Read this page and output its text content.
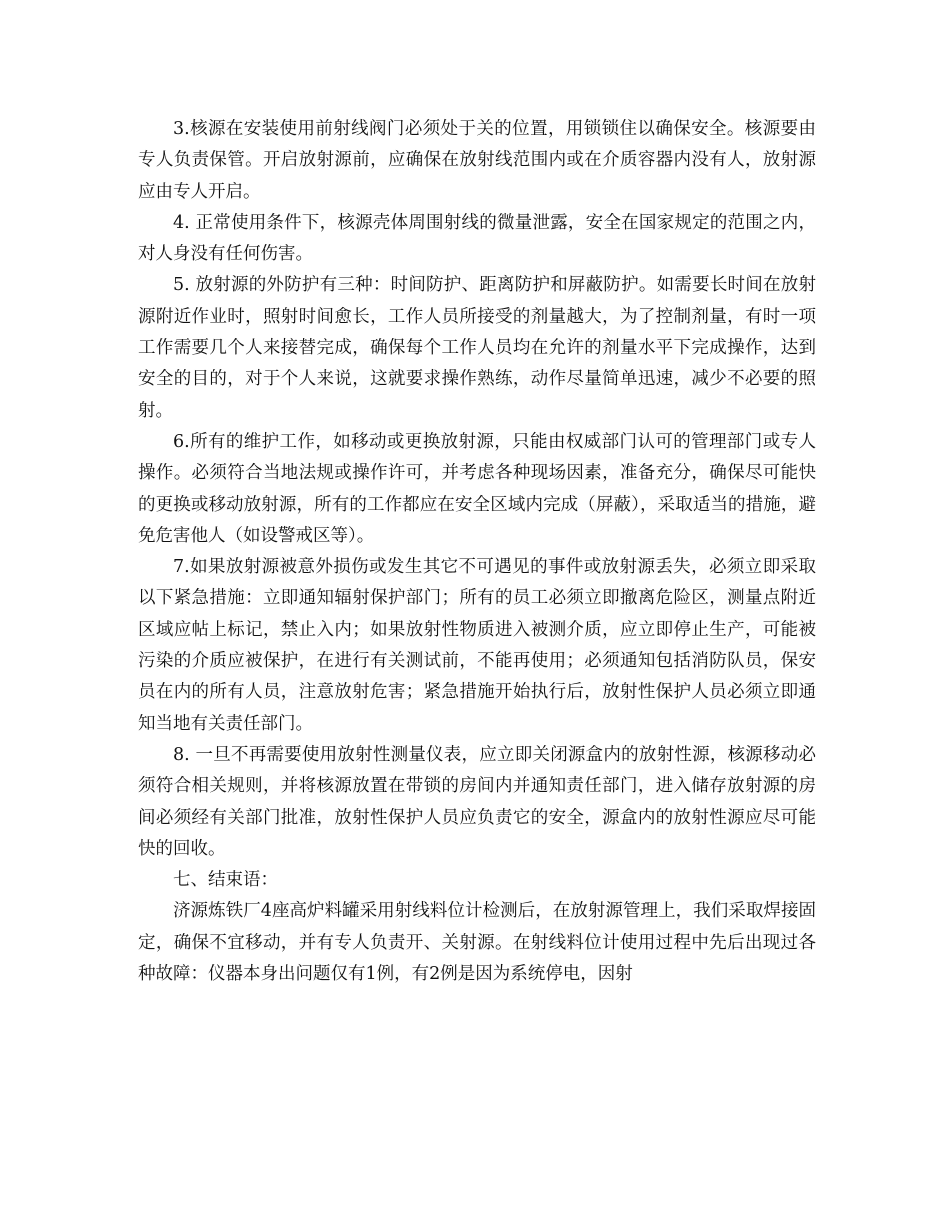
3.核源在安装使用前射线阀门必须处于关的位置，用锁锁住以确保安全。核源要由专人负责保管。开启放射源前，应确保在放射线范围内或在介质容器内没有人，放射源应由专人开启。

4. 正常使用条件下，核源壳体周围射线的微量泄露，安全在国家规定的范围之内，对人身没有任何伤害。

5. 放射源的外防护有三种：时间防护、距离防护和屏蔽防护。如需要长时间在放射源附近作业时，照射时间愈长，工作人员所接受的剂量越大，为了控制剂量，有时一项工作需要几个人来接替完成，确保每个工作人员均在允许的剂量水平下完成操作，达到安全的目的，对于个人来说，这就要求操作熟练，动作尽量简单迅速，减少不必要的照射。

6.所有的维护工作，如移动或更换放射源，只能由权威部门认可的管理部门或专人操作。必须符合当地法规或操作许可，并考虑各种现场因素，准备充分，确保尽可能快的更换或移动放射源，所有的工作都应在安全区域内完成（屏蔽），采取适当的措施，避免危害他人（如设警戒区等）。

7.如果放射源被意外损伤或发生其它不可遇见的事件或放射源丢失，必须立即采取以下紧急措施：立即通知辐射保护部门；所有的员工必须立即撤离危险区，测量点附近区域应帖上标记，禁止入内；如果放射性物质进入被测介质，应立即停止生产，可能被污染的介质应被保护，在进行有关测试前，不能再使用；必须通知包括消防队员，保安员在内的所有人员，注意放射危害；紧急措施开始执行后，放射性保护人员必须立即通知当地有关责任部门。

8. 一旦不再需要使用放射性测量仪表，应立即关闭源盒内的放射性源，核源移动必须符合相关规则，并将核源放置在带锁的房间内并通知责任部门，进入储存放射源的房间必须经有关部门批准，放射性保护人员应负责它的安全，源盒内的放射性源应尽可能快的回收。

七、结束语：

济源炼铁厂4座高炉料罐采用射线料位计检测后，在放射源管理上，我们采取焊接固定，确保不宜移动，并有专人负责开、关射源。在射线料位计使用过程中先后出现过各种故障：仪器本身出问题仅有1例，有2例是因为系统停电，因射
